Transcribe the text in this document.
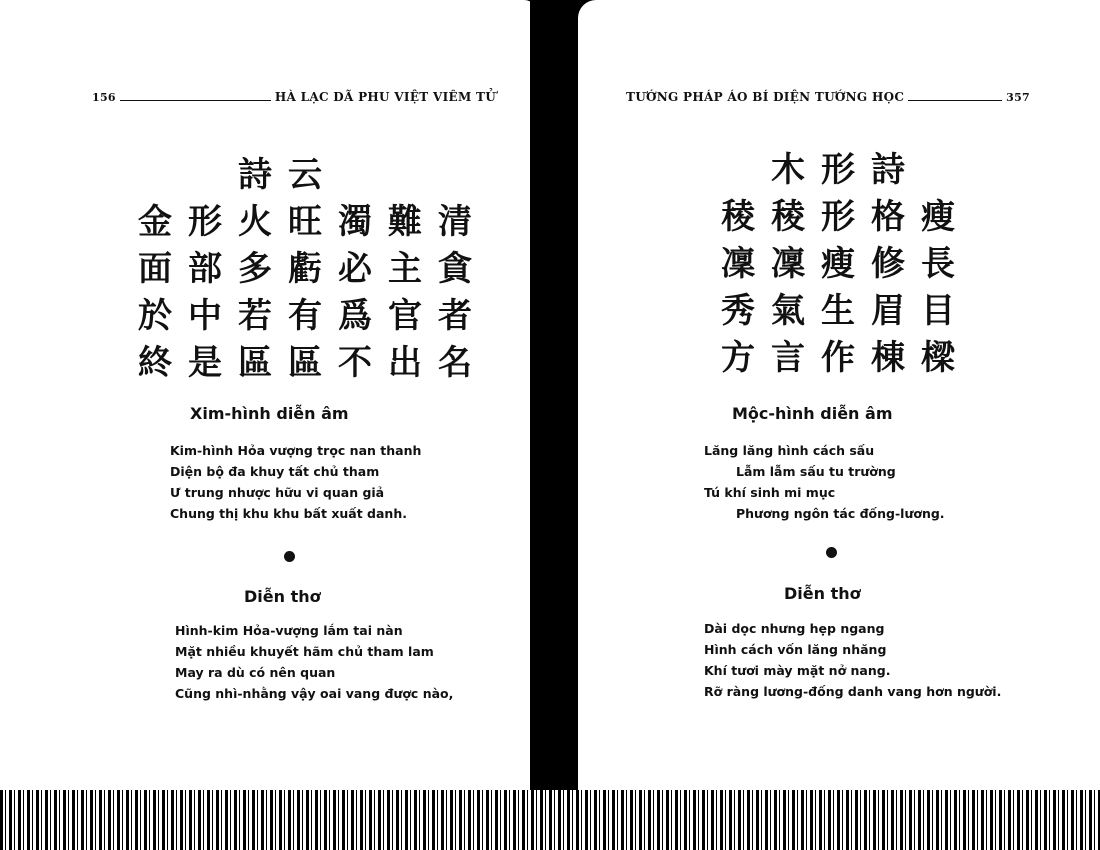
156	HÀ LẠC DÃ PHU VIỆT VIÊM TỬ
詩 云
金 形 火 旺 濁 難 清
面 部 多 虧 必 主 貪
於 中 若 有 爲 官 者
終 是 區 區 不 出 名
Xim-hình diễn âm
Kim-hình Hỏa vượng trọc nan thanh
Diện bộ đa khuy tất chủ tham
Ư trung nhược hữu vi quan giả
Chung thị khu khu bất xuất danh.
Diễn thơ
Hình-kim Hỏa-vượng lắm tai nàn
Mặt nhiều khuyết hãm chủ tham lam
May ra dù có nên quan
Cũng nhì-nhằng vậy oai vang được nào,
TƯỚNG PHÁP ÁO BÍ DIỆN TƯỚNG HỌC	357
木 形 詩
稜 稜 形 格 瘦
凜 凜 瘦 修 長
秀 氣 生 眉 目
方 言 作 棟 樑
Mộc-hình diễn âm
Lăng lăng hình cách sấu
Lẫm lẫm sấu tu trường
Tú khí sinh mi mục
Phương ngôn tác đống-lương.
Diễn thơ
Dài dọc nhưng hẹp ngang
Hình cách vốn lăng nhăng
Khí tươi mày mặt nở nang.
Rỡ ràng lương-đống danh vang hơn người.
